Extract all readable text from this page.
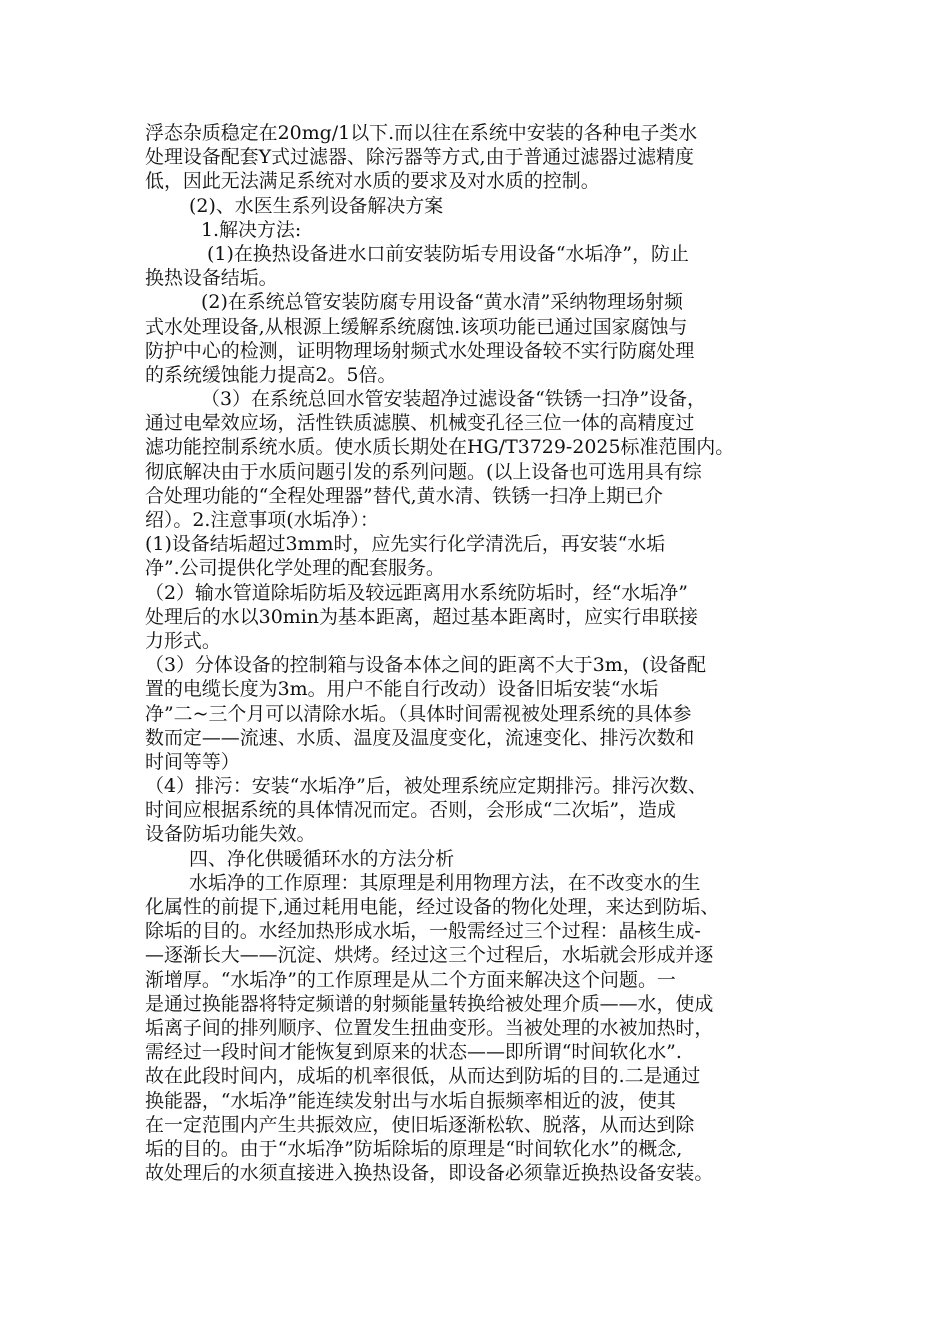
浮态杂质稳定在20mg/1以下.而以往在系统中安装的各种电子类水
处理设备配套Y式过滤器、除污器等方式,由于普通过滤器过滤精度
低，因此无法满足系统对水质的要求及对水质的控制。
(2)、水医生系列设备解决方案
1.解决方法:
(1)在换热设备进水口前安装防垢专用设备“水垢净”，防止
换热设备结垢。
(2)在系统总管安装防腐专用设备“黄水清”采纳物理场射频
式水处理设备,从根源上缓解系统腐蚀.该项功能已通过国家腐蚀与
防护中心的检测，证明物理场射频式水处理设备较不实行防腐处理
的系统缓蚀能力提高2。5倍。
（3）在系统总回水管安装超净过滤设备“铁锈一扫净”设备，
通过电晕效应场，活性铁质滤膜、机械变孔径三位一体的高精度过
滤功能控制系统水质。使水质长期处在HG/T3729-2025标准范围内。
彻底解决由于水质问题引发的系列问题。(以上设备也可选用具有综
合处理功能的“全程处理器”替代,黄水清、铁锈一扫净上期已介
绍）。2.注意事项(水垢净）：
(1)设备结垢超过3mm时，应先实行化学清洗后，再安装“水垢
净”.公司提供化学处理的配套服务。
（2）输水管道除垢防垢及较远距离用水系统防垢时，经“水垢净”
处理后的水以30min为基本距离，超过基本距离时，应实行串联接
力形式。
（3）分体设备的控制箱与设备本体之间的距离不大于3m，(设备配
置的电缆长度为3m。用户不能自行改动）设备旧垢安装“水垢
净”二~三个月可以清除水垢。（具体时间需视被处理系统的具体参
数而定——流速、水质、温度及温度变化，流速变化、排污次数和
时间等等）
（4）排污：安装“水垢净”后，被处理系统应定期排污。排污次数、
时间应根据系统的具体情况而定。否则，会形成“二次垢”，造成
设备防垢功能失效。
四、净化供暖循环水的方法分析
水垢净的工作原理：其原理是利用物理方法，在不改变水的生
化属性的前提下,通过耗用电能，经过设备的物化处理，来达到防垢、
除垢的目的。水经加热形成水垢，一般需经过三个过程：晶核生成-
—逐渐长大——沉淀、烘烤。经过这三个过程后，水垢就会形成并逐
渐增厚。“水垢净”的工作原理是从二个方面来解决这个问题。一
是通过换能器将特定频谱的射频能量转换给被处理介质——水，使成
垢离子间的排列顺序、位置发生扭曲变形。当被处理的水被加热时，
需经过一段时间才能恢复到原来的状态——即所谓“时间软化水”.
故在此段时间内，成垢的机率很低，从而达到防垢的目的.二是通过
换能器，“水垢净”能连续发射出与水垢自振频率相近的波，使其
在一定范围内产生共振效应，使旧垢逐渐松软、脱落，从而达到除
垢的目的。由于“水垢净”防垢除垢的原理是“时间软化水”的概念,
故处理后的水须直接进入换热设备，即设备必须靠近换热设备安装。
